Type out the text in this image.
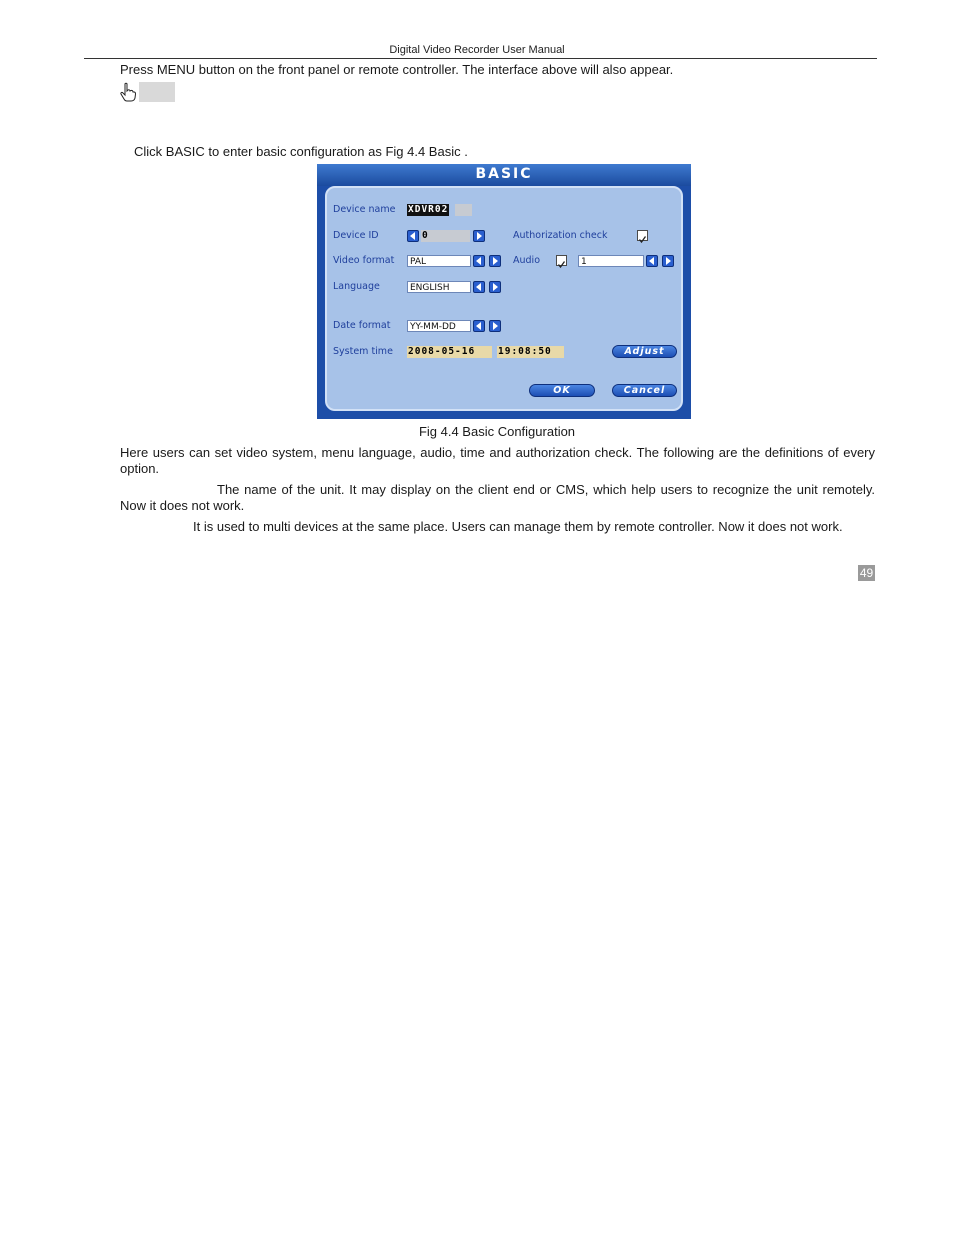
Digital Video Recorder User Manual
Press MENU button on the front panel or remote controller. The interface above will also appear.
Click BASIC to enter basic configuration as Fig 4.4 Basic .
BASIC
Device name XDVR02
Device ID	0	Authorization check
Video format	PAL	Audio	1
Language	ENGLISH
Date format	YY-MM-DD
System time 2008-05-16	19:08:50	Adjust
OK	Cancel
Fig 4.4 Basic Configuration
Here users can set video system, menu language, audio, time and authorization check. The following are the definitions of every option.
The name of the unit. It may display on the client end or CMS, which help users to recognize the unit remotely. Now it does not work.
It is used to multi devices at the same place. Users can manage them by remote controller. Now it does not work.
49
